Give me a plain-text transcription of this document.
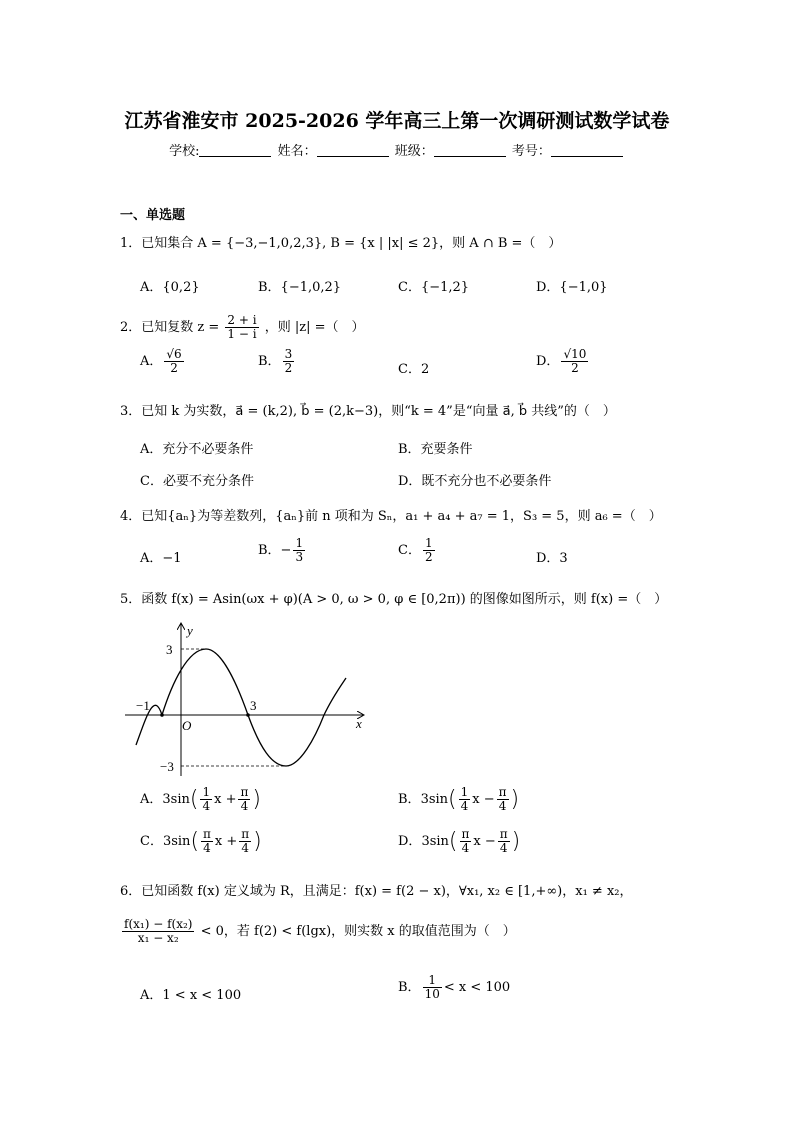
江苏省淮安市 2025-2026 学年高三上第一次调研测试数学试卷
学校:	姓名：	班级：	考号：
一、单选题
1．已知集合 A = {−3,−1,0,2,3}, B = {x | |x| ≤ 2}，则 A ∩ B =（　）
A．{0,2}	B．{−1,0,2}	C．{−1,2}	D．{−1,0}
2．已知复数 $z = \frac{2 + i}{1 - i}$ ，则 |z| =（　）
A． $\frac{√6}{2}$	B． $\frac{3}{2}$	C．2
D． $\frac{√10}{2}$
3．已知 k 为实数，a⃗ = (k,2), b⃗ = (2,k−3)，则“k = 4”是“向量 a⃗, b⃗ 共线”的（　）
A．充分不必要条件	B．充要条件
C．必要不充分条件	D．既不充分也不必要条件
4．已知{aₙ}为等差数列，{aₙ}前 n 项和为 Sₙ，a₁ + a₄ + a₇ = 1，S₃ = 5，则 a₆ =（　）
A．−1
B．− $\frac{1}{3}$	C． $\frac{1}{2}$	D．3
5．函数 f(x) = Asin(ωx + φ)(A > 0, ω > 0, φ ∈ [0,2π)) 的图像如图所示，则 f(x) =（　）
y
x
O
3
−3
−1	3
A．$3\sin( \frac{1}{4}$ $x + \frac{\pi}{4}$ )	B．$3\sin( \frac{1}{4}$ $x - \frac{\pi}{4}$ )
C．$3\sin( \frac{\pi}{4}$ $x + \frac{\pi}{4}$ )	D．$3\sin( \frac{\pi}{4}$ $x - \frac{\pi}{4}$ )
6．已知函数 f(x) 定义域为 R，且满足：f(x) = f(2 − x)，∀x₁, x₂ ∈ [1,+∞)，x₁ ≠ x₂，
$\frac{\text{f(x₁) − f(x₂)}}{\text{x₁ − x₂}} < 0$，若 f(2) < f(lgx)，则实数 x 的取值范围为（　）
A．1 < x < 100
B． $\frac{1}{10} < x < 100$
